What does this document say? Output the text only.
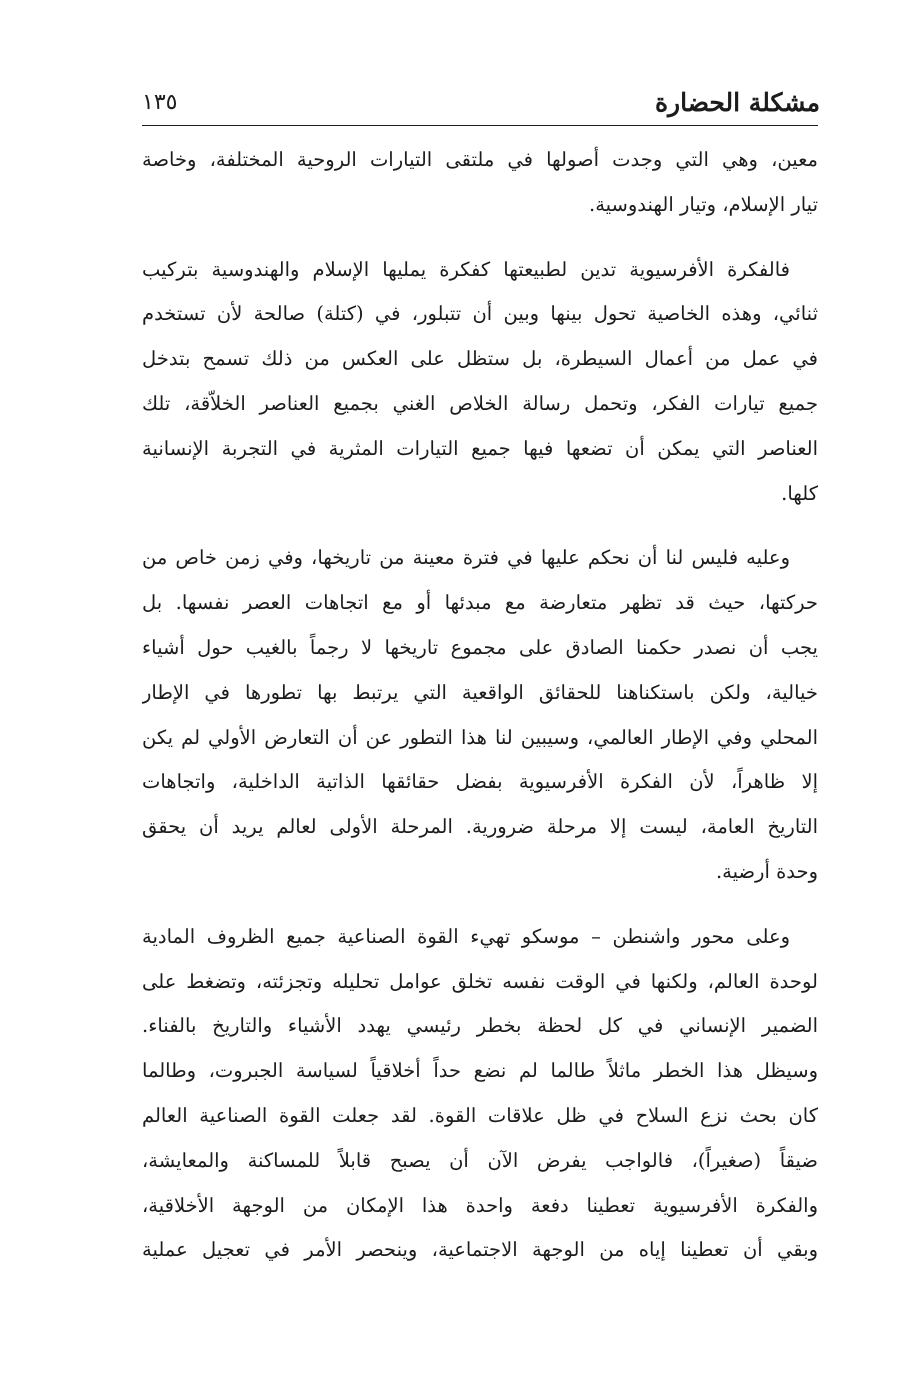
مشكلة الحضارة
١٣٥
معين، وهي التي وجدت أصولها في ملتقى التيارات الروحية المختلفة، وخاصة
تيار الإسلام، وتيار الهندوسية.
فالفكرة الأفرسيوية تدين لطبيعتها كفكرة يمليها الإسلام والهندوسية بتركيب
ثنائي، وهذه الخاصية تحول بينها وبين أن تتبلور، في (كتلة) صالحة لأن تستخدم
في عمل من أعمال السيطرة، بل ستظل على العكس من ذلك تسمح بتدخل
جميع تيارات الفكر، وتحمل رسالة الخلاص الغني بجميع العناصر الخلاّقة، تلك
العناصر التي يمكن أن تضعها فيها جميع التيارات المثرية في التجربة الإنسانية
كلها.
وعليه فليس لنا أن نحكم عليها في فترة معينة من تاريخها، وفي زمن خاص من
حركتها، حيث قد تظهر متعارضة مع مبدئها أو مع اتجاهات العصر نفسها. بل
يجب أن نصدر حكمنا الصادق على مجموع تاريخها لا رجماً بالغيب حول أشياء
خيالية، ولكن باستكناهنا للحقائق الواقعية التي يرتبط بها تطورها في الإطار
المحلي وفي الإطار العالمي، وسيبين لنا هذا التطور عن أن التعارض الأولي لم يكن
إلا ظاهراً، لأن الفكرة الأفرسيوية بفضل حقائقها الذاتية الداخلية، واتجاهات
التاريخ العامة، ليست إلا مرحلة ضرورية. المرحلة الأولى لعالم يريد أن يحقق
وحدة أرضية.
وعلى محور واشنطن – موسكو تهيء القوة الصناعية جميع الظروف المادية
لوحدة العالم، ولكنها في الوقت نفسه تخلق عوامل تحليله وتجزئته، وتضغط على
الضمير الإنساني في كل لحظة بخطر رئيسي يهدد الأشياء والتاريخ بالفناء.
وسيظل هذا الخطر ماثلاً طالما لم نضع حداً أخلاقياً لسياسة الجبروت، وطالما
كان بحث نزع السلاح في ظل علاقات القوة. لقد جعلت القوة الصناعية العالم
ضيقاً (صغيراً)، فالواجب يفرض الآن أن يصبح قابلاً للمساكنة والمعايشة،
والفكرة الأفرسيوية تعطينا دفعة واحدة هذا الإمكان من الوجهة الأخلاقية،
وبقي أن تعطينا إياه من الوجهة الاجتماعية، وينحصر الأمر في تعجيل عملية
